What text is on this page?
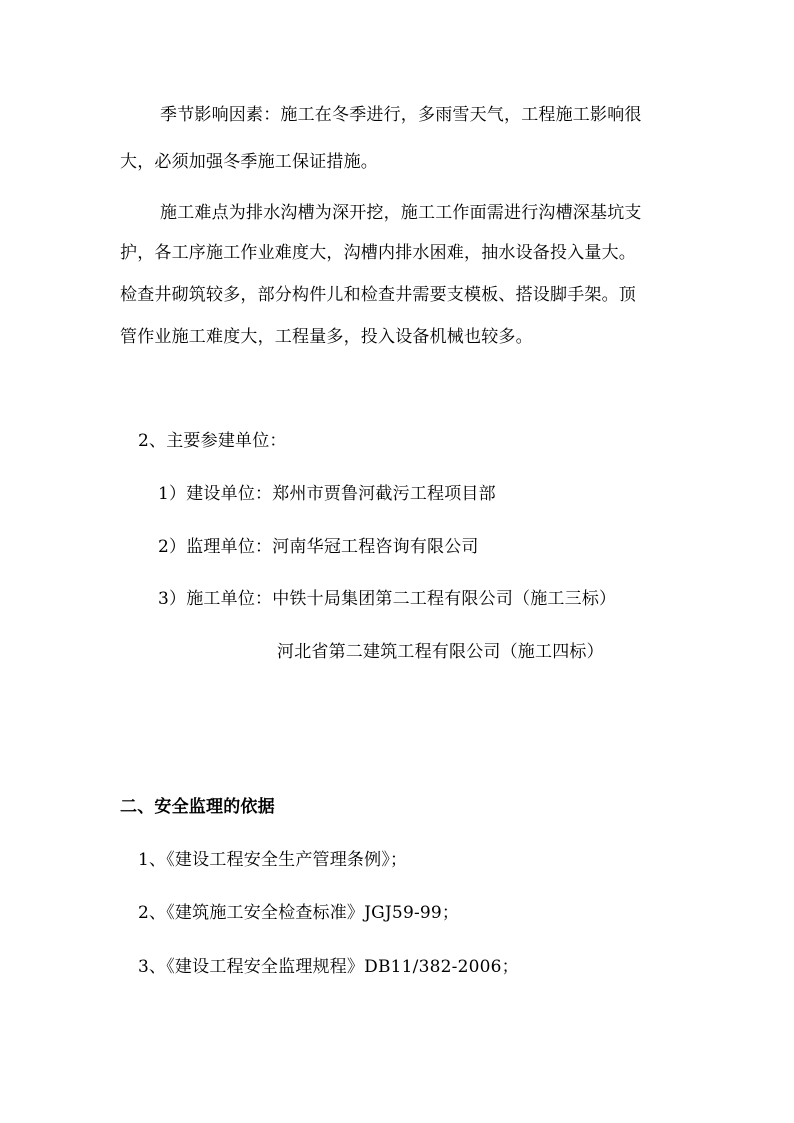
季节影响因素：施工在冬季进行，多雨雪天气，工程施工影响很
大，必须加强冬季施工保证措施。
施工难点为排水沟槽为深开挖，施工工作面需进行沟槽深基坑支
护，各工序施工作业难度大，沟槽内排水困难，抽水设备投入量大。
检查井砌筑较多，部分构件儿和检查井需要支模板、搭设脚手架。顶
管作业施工难度大，工程量多，投入设备机械也较多。
2、主要参建单位：
1）建设单位：郑州市贾鲁河截污工程项目部
2）监理单位：河南华冠工程咨询有限公司
3）施工单位：中铁十局集团第二工程有限公司（施工三标）
河北省第二建筑工程有限公司（施工四标）
二、安全监理的依据
1、《建设工程安全生产管理条例》；
2、《建筑施工安全检查标准》JGJ59-99；
3、《建设工程安全监理规程》DB11/382-2006；
